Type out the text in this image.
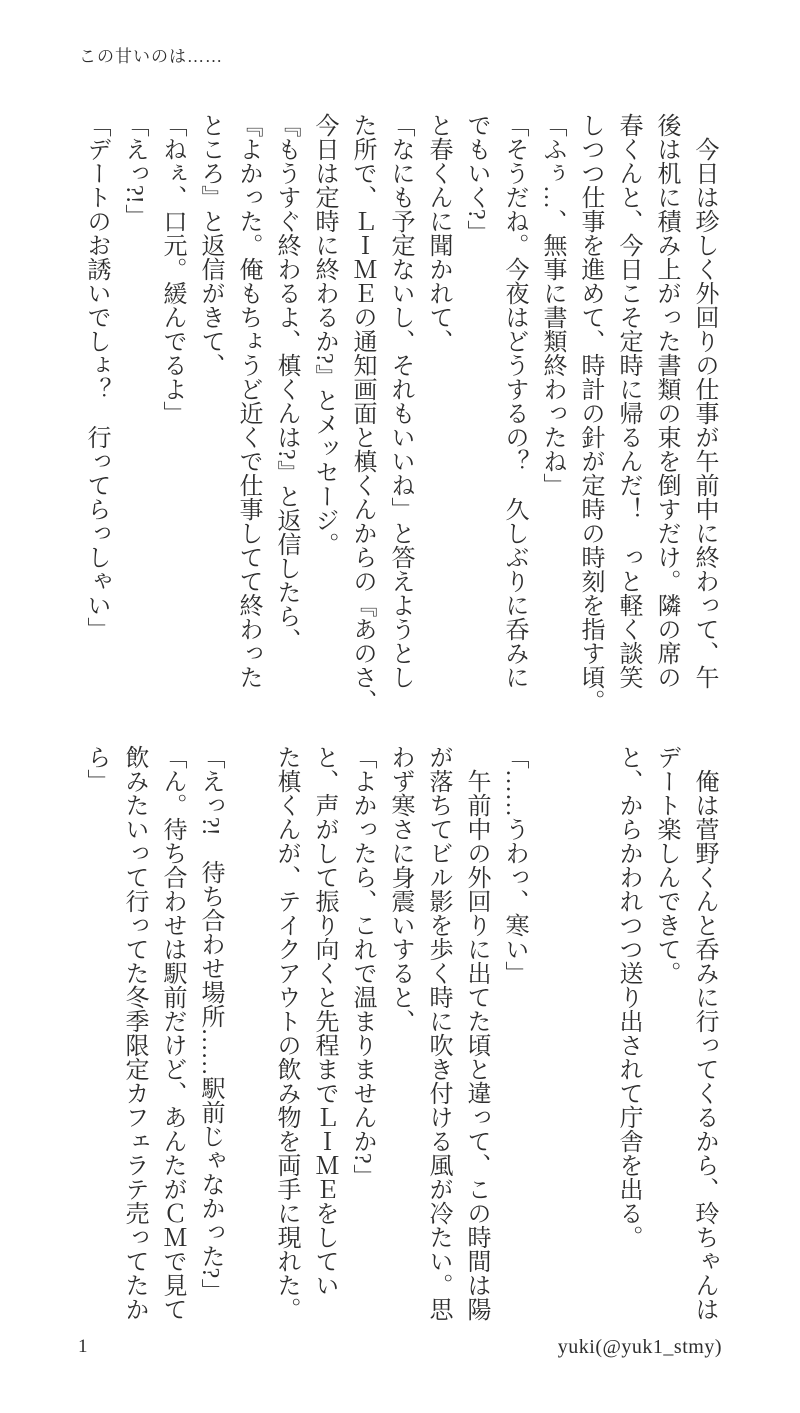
この甘いのは……
　今日は珍しく外回りの仕事が午前中に終わって、午
後は机に積み上がった書類の束を倒すだけ。隣の席の
春くんと、今日こそ定時に帰るんだ！　っと軽く談笑
しつつ仕事を進めて、時計の針が定時の時刻を指す頃。
「ふぅ…、無事に書類終わったね」
「そうだね。今夜はどうするの？　久しぶりに呑みに
でもいく?」
と春くんに聞かれて、
「なにも予定ないし、それもいいね」と答えようとし
た所で、ＬＩＭＥの通知画面と槙くんからの『あのさ、
今日は定時に終わるか?』とメッセージ。
『もうすぐ終わるよ、槙くんは?』と返信したら、
『よかった。俺もちょうど近くで仕事してて終わった
ところ』と返信がきて、
「ねぇ、口元。緩んでるよ」
「えっ?!」
「デートのお誘いでしょ？　行ってらっしゃい」
　俺は菅野くんと呑みに行ってくるから、玲ちゃんは
デート楽しんできて。
と、からかわれつつ送り出されて庁舎を出る。

「……うわっ、寒い」
　午前中の外回りに出てた頃と違って、この時間は陽
が落ちてビル影を歩く時に吹き付ける風が冷たい。思
わず寒さに身震いすると、
「よかったら、これで温まりませんか?」
と、声がして振り向くと先程までＬＩＭＥをしてい
た槙くんが、テイクアウトの飲み物を両手に現れた。

「えっ?!　待ち合わせ場所……駅前じゃなかった?」
「ん。待ち合わせは駅前だけど、あんたがＣＭで見て
飲みたいって行ってた冬季限定カフェラテ売ってたか
ら」
1	yuki(@yuk1_stmy)
